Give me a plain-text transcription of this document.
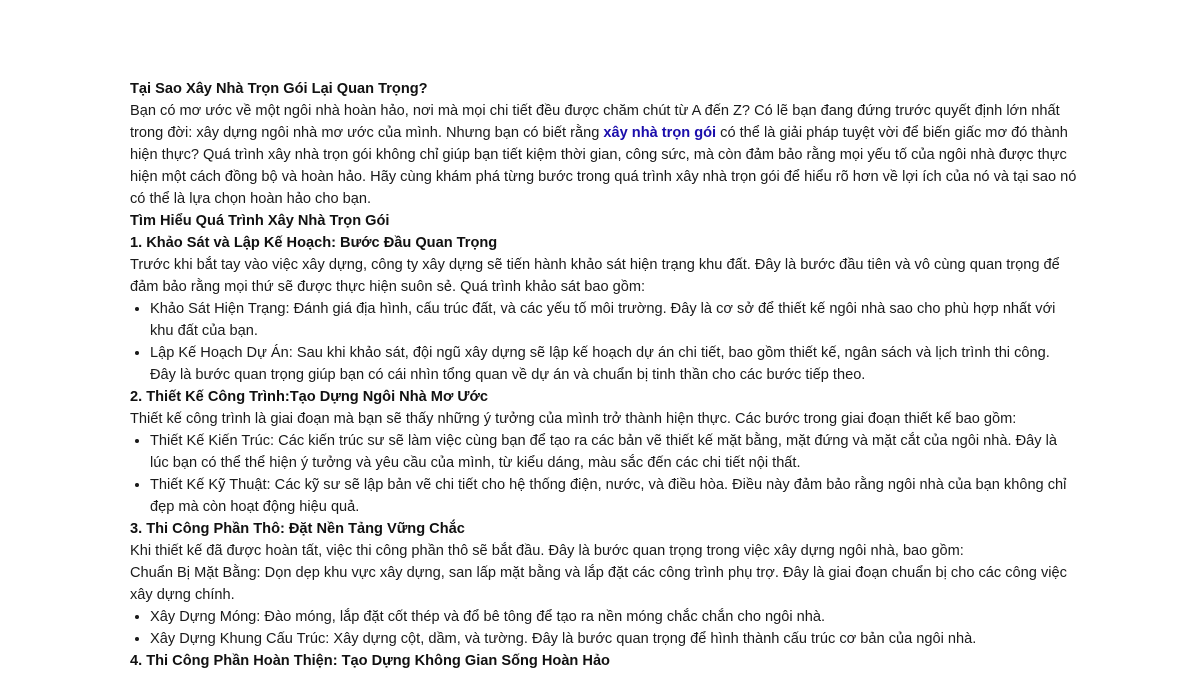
Tại Sao Xây Nhà Trọn Gói Lại Quan Trọng?

Bạn có mơ ước về một ngôi nhà hoàn hảo, nơi mà mọi chi tiết đều được chăm chút từ A đến Z? Có lẽ bạn đang đứng trước quyết định lớn nhất trong đời: xây dựng ngôi nhà mơ ước của mình. Nhưng bạn có biết rằng xây nhà trọn gói có thể là giải pháp tuyệt vời để biến giấc mơ đó thành hiện thực? Quá trình xây nhà trọn gói không chỉ giúp bạn tiết kiệm thời gian, công sức, mà còn đảm bảo rằng mọi yếu tố của ngôi nhà được thực hiện một cách đồng bộ và hoàn hảo. Hãy cùng khám phá từng bước trong quá trình xây nhà trọn gói để hiểu rõ hơn về lợi ích của nó và tại sao nó có thể là lựa chọn hoàn hảo cho bạn.

Tìm Hiểu Quá Trình Xây Nhà Trọn Gói
1. Khảo Sát và Lập Kế Hoạch: Bước Đầu Quan Trọng

Trước khi bắt tay vào việc xây dựng, công ty xây dựng sẽ tiến hành khảo sát hiện trạng khu đất. Đây là bước đầu tiên và vô cùng quan trọng để đảm bảo rằng mọi thứ sẽ được thực hiện suôn sẻ. Quá trình khảo sát bao gồm:

• Khảo Sát Hiện Trạng: Đánh giá địa hình, cấu trúc đất, và các yếu tố môi trường. Đây là cơ sở để thiết kế ngôi nhà sao cho phù hợp nhất với khu đất của bạn.
• Lập Kế Hoạch Dự Án: Sau khi khảo sát, đội ngũ xây dựng sẽ lập kế hoạch dự án chi tiết, bao gồm thiết kế, ngân sách và lịch trình thi công. Đây là bước quan trọng giúp bạn có cái nhìn tổng quan về dự án và chuẩn bị tinh thần cho các bước tiếp theo.
2. Thiết Kế Công Trình:Tạo Dựng Ngôi Nhà Mơ Ước

Thiết kế công trình là giai đoạn mà bạn sẽ thấy những ý tưởng của mình trở thành hiện thực. Các bước trong giai đoạn thiết kế bao gồm:

• Thiết Kế Kiến Trúc: Các kiến trúc sư sẽ làm việc cùng bạn để tạo ra các bản vẽ thiết kế mặt bằng, mặt đứng và mặt cắt của ngôi nhà. Đây là lúc bạn có thể thể hiện ý tưởng và yêu cầu của mình, từ kiểu dáng, màu sắc đến các chi tiết nội thất.
• Thiết Kế Kỹ Thuật: Các kỹ sư sẽ lập bản vẽ chi tiết cho hệ thống điện, nước, và điều hòa. Điều này đảm bảo rằng ngôi nhà của bạn không chỉ đẹp mà còn hoạt động hiệu quả.
3. Thi Công Phần Thô: Đặt Nền Tảng Vững Chắc

Khi thiết kế đã được hoàn tất, việc thi công phần thô sẽ bắt đầu. Đây là bước quan trọng trong việc xây dựng ngôi nhà, bao gồm:

Chuẩn Bị Mặt Bằng: Dọn dẹp khu vực xây dựng, san lấp mặt bằng và lắp đặt các công trình phụ trợ. Đây là giai đoạn chuẩn bị cho các công việc xây dựng chính.

• Xây Dựng Móng: Đào móng, lắp đặt cốt thép và đổ bê tông để tạo ra nền móng chắc chắn cho ngôi nhà.
• Xây Dựng Khung Cấu Trúc: Xây dựng cột, dầm, và tường. Đây là bước quan trọng để hình thành cấu trúc cơ bản của ngôi nhà.
4. Thi Công Phần Hoàn Thiện: Tạo Dựng Không Gian Sống Hoàn Hảo
